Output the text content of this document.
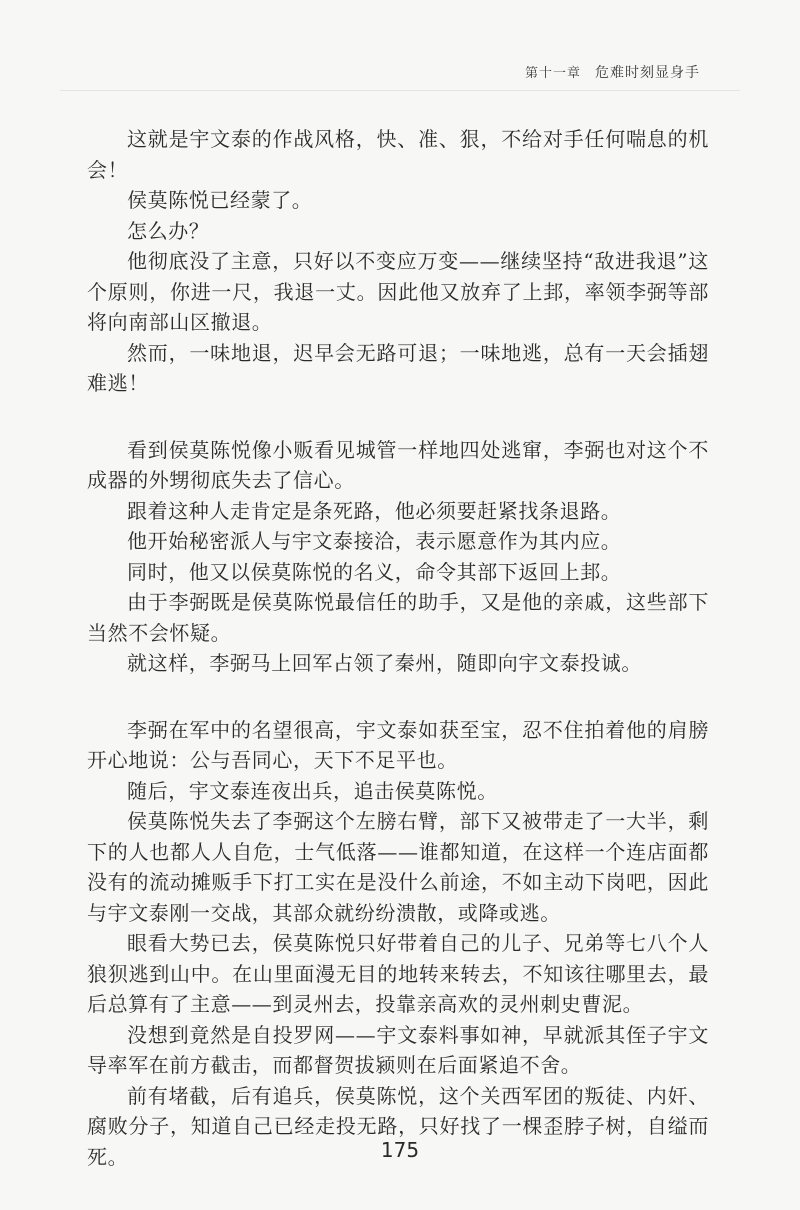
第十一章 危难时刻显身手

这就是宇文泰的作战风格，快、准、狠，不给对手任何喘息的机会！

侯莫陈悦已经蒙了。

怎么办？

他彻底没了主意，只好以不变应万变——继续坚持“敌进我退”这个原则，你进一尺，我退一丈。因此他又放弃了上邽，率领李弼等部将向南部山区撤退。

然而，一味地退，迟早会无路可退；一味地逃，总有一天会插翅难逃！

看到侯莫陈悦像小贩看见城管一样地四处逃窜，李弼也对这个不成器的外甥彻底失去了信心。

跟着这种人走肯定是条死路，他必须要赶紧找条退路。

他开始秘密派人与宇文泰接洽，表示愿意作为其内应。

同时，他又以侯莫陈悦的名义，命令其部下返回上邽。

由于李弼既是侯莫陈悦最信任的助手，又是他的亲戚，这些部下当然不会怀疑。

就这样，李弼马上回军占领了秦州，随即向宇文泰投诚。

李弼在军中的名望很高，宇文泰如获至宝，忍不住拍着他的肩膀开心地说：公与吾同心，天下不足平也。

随后，宇文泰连夜出兵，追击侯莫陈悦。

侯莫陈悦失去了李弼这个左膀右臂，部下又被带走了一大半，剩下的人也都人人自危，士气低落——谁都知道，在这样一个连店面都没有的流动摊贩手下打工实在是没什么前途，不如主动下岗吧，因此与宇文泰刚一交战，其部众就纷纷溃散，或降或逃。

眼看大势已去，侯莫陈悦只好带着自己的儿子、兄弟等七八个人狼狈逃到山中。在山里面漫无目的地转来转去，不知该往哪里去，最后总算有了主意——到灵州去，投靠亲高欢的灵州刺史曹泥。

没想到竟然是自投罗网——宇文泰料事如神，早就派其侄子宇文导率军在前方截击，而都督贺拔颍则在后面紧追不舍。

前有堵截，后有追兵，侯莫陈悦，这个关西军团的叛徒、内奸、腐败分子，知道自己已经走投无路，只好找了一棵歪脖子树，自缢而死。	175
